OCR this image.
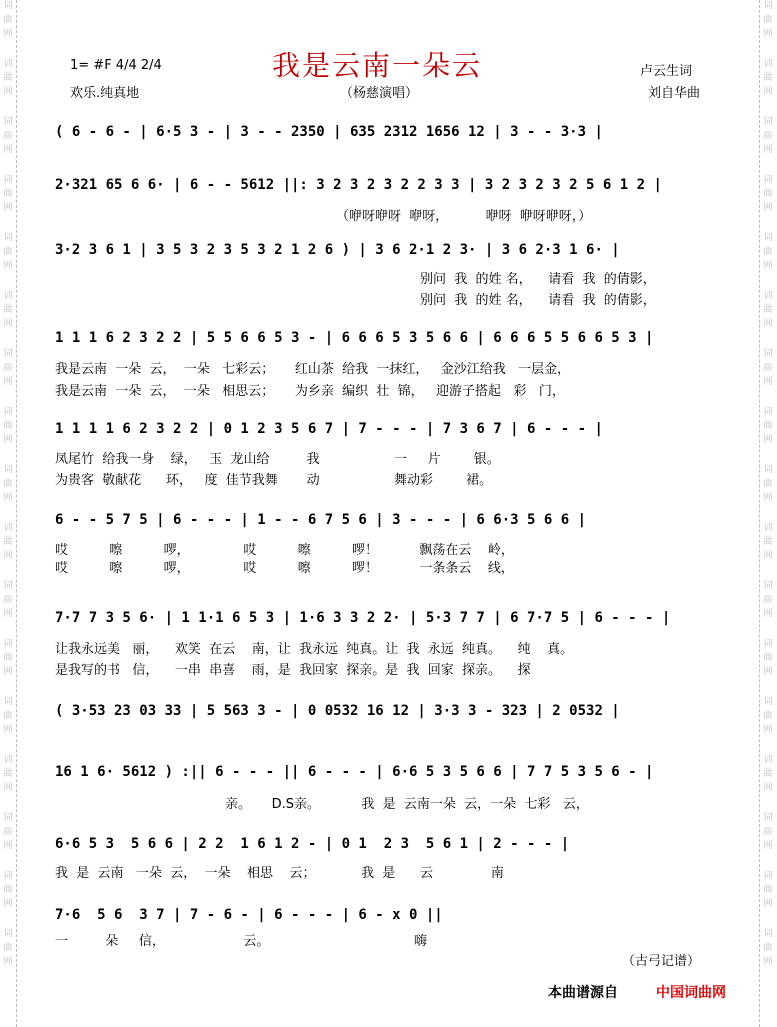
词
曲
网
词
曲
网
词
曲
网
词
曲
网
词
曲
网
词
曲
网
词
曲
网
词
曲
网
词
曲
网
词
曲
网
词
曲
网
词
曲
网
词
曲
网
词
曲
网
词
曲
网
词
曲
网
词
曲
网
词
曲
网
词
曲
网
词
曲
网
词
曲
网
词
曲
网
词
曲
网
词
曲
网
词
曲
网
词
曲
网
词
曲
网
词
曲
网
词
曲
网
词
曲
网
词
曲
网
词
曲
网
词
曲
网
词
曲
网
1= #F 4/4 2/4
欢乐.纯真地
我是云南一朵云
（杨慈演唱）
卢云生词
刘自华曲
( 6 - 6 - | 6·5 3 - | 3 - - 2350 | 635 2312 1656 12 | 3 - - 3·3 |
2·321 65 6 6· | 6 - - 5612 ||: 3 2 3 2 3 2 2 3 3 | 3 2 3 2 3 2 5 6 1 2 |
（咿呀咿呀  咿呀，         咿呀  咿呀咿呀，）
3·2 3 6 1 | 3 5 3 2 3 5 3 2 1 2 6 ) | 3 6 2·1 2 3· | 3 6 2·3 1 6· |
别问  我  的姓 名，    请看  我  的倩影，
别问  我  的姓 名，    请看  我  的倩影，
1 1 1 6 2 3 2 2 | 5 5 6 6 5 3 - | 6 6 6 5 3 5 6 6 | 6 6 6 5 5 6 6 5 3 |
我是云南  一朵  云，  一朵   七彩云；     红山茶  给我  一抹红，   金沙江给我   一层金，
我是云南  一朵  云，  一朵   相思云；     为乡亲  编织  壮  锦，   迎游子搭起   彩   门，
1 1 1 1 6 2 3 2 2 | 0 1 2 3 5 6 7 | 7 - - - | 7 3 6 7 | 6 - - - |
凤尾竹  给我一身    绿，   玉  龙山给         我                  一     片        银。
为贵客  敬献花      环，   度  佳节我舞       动                  舞动彩        裙。
6 - - 5 7 5 | 6 - - - | 1 - - 6 7 5 6 | 3 - - - | 6 6·3 5 6 6 |
哎          嚓          啰，             哎          嚓          啰！          飘荡在云    岭，
哎          嚓          啰，             哎          嚓          啰！          一条条云    线，
7·7 7 3 5 6· | 1 1·1 6 5 3 | 1·6 3 3 2 2· | 5·3 7 7 | 6 7·7 5 | 6 - - - |
让我永远美   丽，    欢笑  在云    南，让  我永远  纯真。让  我  永远  纯真。    纯    真。
是我写的书   信，    一串  串喜    雨，是  我回家  探亲。是  我  回家  探亲。    探
( 3·53 23 03 33 | 5 563 3 - | 0 0532 16 12 | 3·3 3 - 323 | 2 0532 |
16 1 6· 5612 ) :|| 6 - - - || 6 - - - | 6·6 5 3 5 6 6 | 7 7 5 3 5 6 - |
亲。     D.S亲。          我  是  云南一朵  云，一朵  七彩   云，
6·6 5 3  5 6 6 | 2 2  1 6 1 2 - | 0 1  2 3  5 6 1 | 2 - - - |
我  是  云南   一朵  云，  一朵    相思    云；           我  是      云              南
7·6  5 6  3 7 | 7 - 6 - | 6 - - - | 6 - x 0 ||
一         朵     信，                   云。                                   嗨
（古弓记谱）
本曲谱源自	中国词曲网
